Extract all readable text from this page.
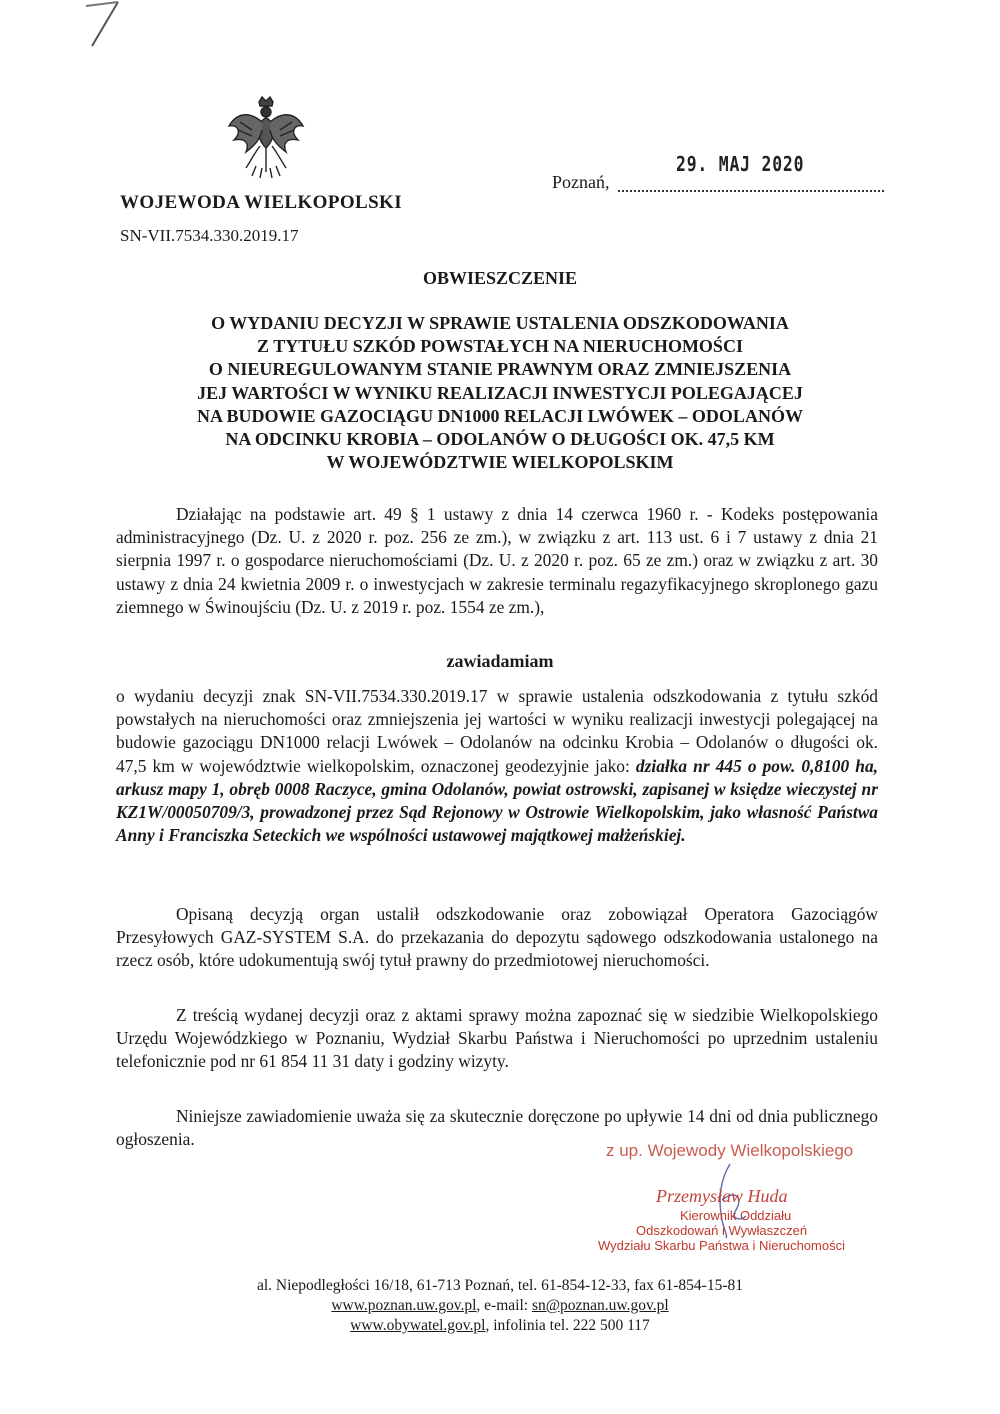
WOJEWODA WIELKOPOLSKI
SN-VII.7534.330.2019.17
Poznań,
29. MAJ 2020
OBWIESZCZENIE
O WYDANIU DECYZJI W SPRAWIE USTALENIA ODSZKODOWANIA
Z TYTUŁU SZKÓD POWSTAŁYCH NA NIERUCHOMOŚCI
O NIEUREGULOWANYM STANIE PRAWNYM ORAZ ZMNIEJSZENIA
JEJ WARTOŚCI W WYNIKU REALIZACJI INWESTYCJI POLEGAJĄCEJ
NA BUDOWIE GAZOCIĄGU DN1000 RELACJI LWÓWEK – ODOLANÓW
NA ODCINKU KROBIA – ODOLANÓW O DŁUGOŚCI OK. 47,5 KM
W WOJEWÓDZTWIE WIELKOPOLSKIM

Działając na podstawie art. 49 § 1 ustawy z dnia 14 czerwca 1960 r. - Kodeks postępowania administracyjnego (Dz. U. z 2020 r. poz. 256 ze zm.), w związku z art. 113 ust. 6 i 7 ustawy z dnia 21 sierpnia 1997 r. o gospodarce nieruchomościami (Dz. U. z 2020 r. poz. 65 ze zm.) oraz w związku z art. 30 ustawy z dnia 24 kwietnia 2009 r. o inwestycjach w zakresie terminalu regazyfikacyjnego skroplonego gazu ziemnego w Świnoujściu (Dz. U. z 2019 r. poz. 1554 ze zm.),

zawiadamiam

o wydaniu decyzji znak SN-VII.7534.330.2019.17 w sprawie ustalenia odszkodowania z tytułu szkód powstałych na nieruchomości oraz zmniejszenia jej wartości w wyniku realizacji inwestycji polegającej na budowie gazociągu DN1000 relacji Lwówek – Odolanów na odcinku Krobia – Odolanów o długości ok. 47,5 km w województwie wielkopolskim, oznaczonej geodezyjnie jako: działka nr 445 o pow. 0,8100 ha, arkusz mapy 1, obręb 0008 Raczyce, gmina Odolanów, powiat ostrowski, zapisanej w księdze wieczystej nr KZ1W/00050709/3, prowadzonej przez Sąd Rejonowy w Ostrowie Wielkopolskim, jako własność Państwa Anny i Franciszka Seteckich we wspólności ustawowej majątkowej małżeńskiej.

Opisaną decyzją organ ustalił odszkodowanie oraz zobowiązał Operatora Gazociągów Przesyłowych GAZ-SYSTEM S.A. do przekazania do depozytu sądowego odszkodowania ustalonego na rzecz osób, które udokumentują swój tytuł prawny do przedmiotowej nieruchomości.

Z treścią wydanej decyzji oraz z aktami sprawy można zapoznać się w siedzibie Wielkopolskiego Urzędu Wojewódzkiego w Poznaniu, Wydział Skarbu Państwa i Nieruchomości po uprzednim ustaleniu telefonicznie pod nr 61 854 11 31 daty i godziny wizyty.

Niniejsze zawiadomienie uważa się za skutecznie doręczone po upływie 14 dni od dnia publicznego ogłoszenia.

z up. Wojewody Wielkopolskiego
Przemysław Huda
Kierownik Oddziału
Odszkodowań i Wywłaszczeń
Wydziału Skarbu Państwa i Nieruchomości
al. Niepodległości 16/18, 61-713 Poznań, tel. 61-854-12-33, fax 61-854-15-81
www.poznan.uw.gov.pl, e-mail: sn@poznan.uw.gov.pl
www.obywatel.gov.pl, infolinia tel. 222 500 117
